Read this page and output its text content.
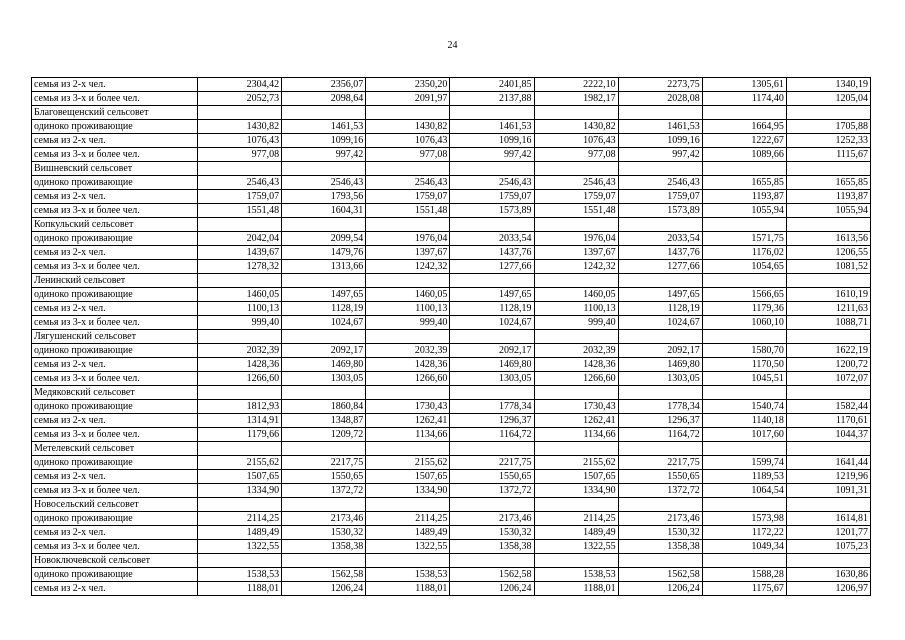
24
семья из 2-х чел.	2304,42	2356,07	2350,20	2401,85	2222,10	2273,75	1305,61	1340,19
семья из 3-х и более чел.	2052,73	2098,64	2091,97	2137,88	1982,17	2028,08	1174,40	1205,04
Благовещенский сельсовет								
одиноко проживающие	1430,82	1461,53	1430,82	1461,53	1430,82	1461,53	1664,95	1705,88
семья из 2-х чел.	1076,43	1099,16	1076,43	1099,16	1076,43	1099,16	1222,67	1252,33
семья из 3-х и более чел.	977,08	997,42	977,08	997,42	977,08	997,42	1089,66	1115,67
Вишневский сельсовет								
одиноко проживающие	2546,43	2546,43	2546,43	2546,43	2546,43	2546,43	1655,85	1655,85
семья из 2-х чел.	1759,07	1793,56	1759,07	1759,07	1759,07	1759,07	1193,87	1193,87
семья из 3-х и более чел.	1551,48	1604,31	1551,48	1573,89	1551,48	1573,89	1055,94	1055,94
Копкульский сельсовет								
одиноко проживающие	2042,04	2099,54	1976,04	2033,54	1976,04	2033,54	1571,75	1613,56
семья из 2-х чел.	1439,67	1479,76	1397,67	1437,76	1397,67	1437,76	1176,02	1206,55
семья из 3-х и более чел.	1278,32	1313,66	1242,32	1277,66	1242,32	1277,66	1054,65	1081,52
Ленинский сельсовет								
одиноко проживающие	1460,05	1497,65	1460,05	1497,65	1460,05	1497,65	1566,65	1610,19
семья из 2-х чел.	1100,13	1128,19	1100,13	1128,19	1100,13	1128,19	1179,36	1211,63
семья из 3-х и более чел.	999,40	1024,67	999,40	1024,67	999,40	1024,67	1060,10	1088,71
Лягушенский сельсовет								
одиноко проживающие	2032,39	2092,17	2032,39	2092,17	2032,39	2092,17	1580,70	1622,19
семья из 2-х чел.	1428,36	1469,80	1428,36	1469,80	1428,36	1469,80	1170,50	1200,72
семья из 3-х и более чел.	1266,60	1303,05	1266,60	1303,05	1266,60	1303,05	1045,51	1072,07
Медяковский сельсовет								
одиноко проживающие	1812,93	1860,84	1730,43	1778,34	1730,43	1778,34	1540,74	1582,44
семья из 2-х чел.	1314,91	1348,87	1262,41	1296,37	1262,41	1296,37	1140,18	1170,61
семья из 3-х и более чел.	1179,66	1209,72	1134,66	1164,72	1134,66	1164,72	1017,60	1044,37
Метелевский сельсовет								
одиноко проживающие	2155,62	2217,75	2155,62	2217,75	2155,62	2217,75	1599,74	1641,44
семья из 2-х чел.	1507,65	1550,65	1507,65	1550,65	1507,65	1550,65	1189,53	1219,96
семья из 3-х и более чел.	1334,90	1372,72	1334,90	1372,72	1334,90	1372,72	1064,54	1091,31
Новосельский сельсовет								
одиноко проживающие	2114,25	2173,46	2114,25	2173,46	2114,25	2173,46	1573,98	1614,81
семья из 2-х чел.	1489,49	1530,32	1489,49	1530,32	1489,49	1530,32	1172,22	1201,77
семья из 3-х и более чел.	1322,55	1358,38	1322,55	1358,38	1322,55	1358,38	1049,34	1075,23
Новоключевской сельсовет								
одиноко проживающие	1538,53	1562,58	1538,53	1562,58	1538,53	1562,58	1588,28	1630,86
семья из 2-х чел.	1188,01	1206,24	1188,01	1206,24	1188,01	1206,24	1175,67	1206,97
